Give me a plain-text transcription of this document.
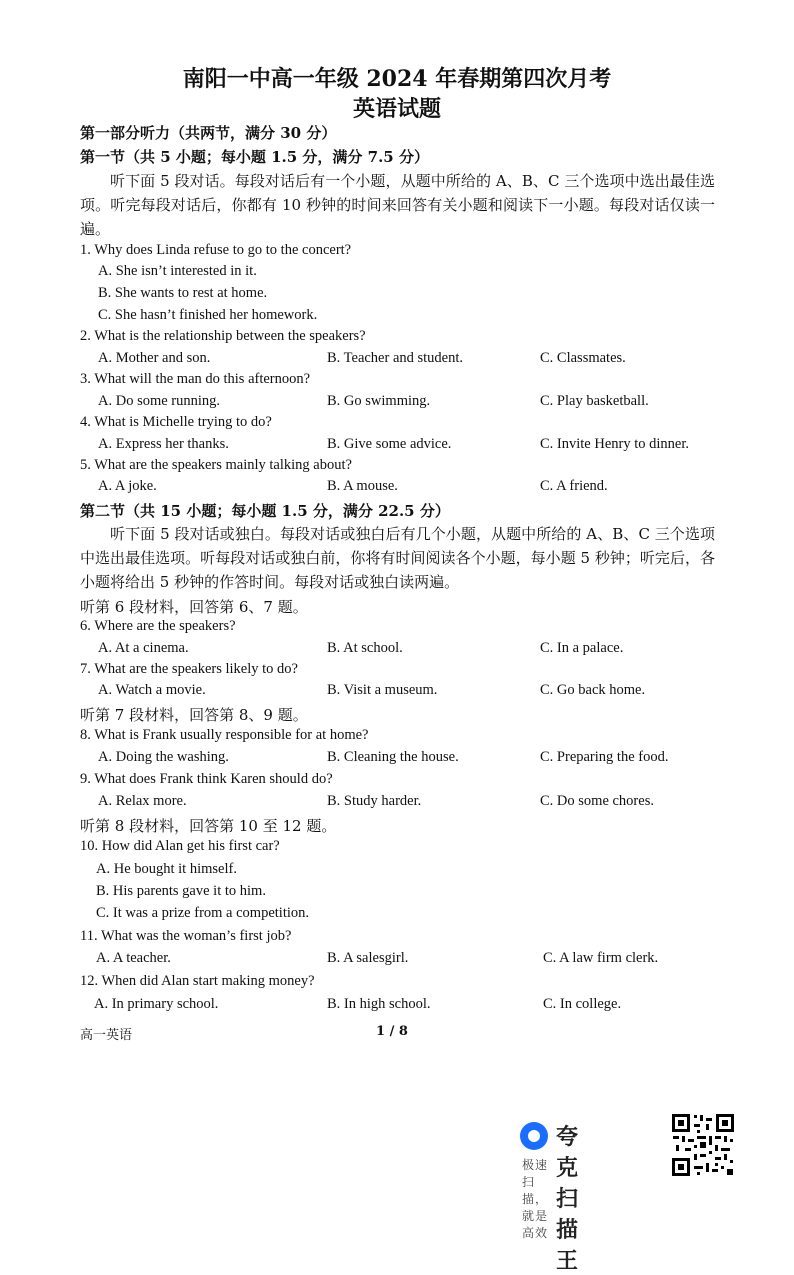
南阳一中高一年级 2024 年春期第四次月考
英语试题
第一部分听力（共两节，满分 30 分）
第一节（共 5 小题；每小题 1.5 分，满分 7.5 分）
听下面 5 段对话。每段对话后有一个小题，从题中所给的 A、B、C 三个选项中选出最佳选项。听完每段对话后，你都有 10 秒钟的时间来回答有关小题和阅读下一小题。每段对话仅读一遍。
1. Why does Linda refuse to go to the concert?
A. She isn’t interested in it.
B. She wants to rest at home.
C. She hasn’t finished her homework.
2. What is the relationship between the speakers?
A. Mother and son.	B. Teacher and student.	C. Classmates.
3. What will the man do this afternoon?
A. Do some running.	B. Go swimming.	C. Play basketball.
4. What is Michelle trying to do?
A. Express her thanks.	B. Give some advice.	C. Invite Henry to dinner.
5. What are the speakers mainly talking about?
A. A joke.	B. A mouse.	C. A friend.
第二节（共 15 小题；每小题 1.5 分，满分 22.5 分）
听下面 5 段对话或独白。每段对话或独白后有几个小题，从题中所给的 A、B、C 三个选项中选出最佳选项。听每段对话或独白前，你将有时间阅读各个小题，每小题 5 秒钟；听完后，各小题将给出 5 秒钟的作答时间。每段对话或独白读两遍。
听第 6 段材料，回答第 6、7 题。
6. Where are the speakers?
A. At a cinema.	B. At school.	C. In a palace.
7. What are the speakers likely to do?
A. Watch a movie.	B. Visit a museum.	C. Go back home.
听第 7 段材料，回答第 8、9 题。
8. What is Frank usually responsible for at home?
A. Doing the washing.	B. Cleaning the house.	C. Preparing the food.
9. What does Frank think Karen should do?
A. Relax more.	B. Study harder.	C. Do some chores.
听第 8 段材料，回答第 10 至 12 题。
10. How did Alan get his first car?
A. He bought it himself.
B. His parents gave it to him.
C. It was a prize from a competition.
11. What was the woman’s first job?
A. A teacher.	B. A salesgirl.	C. A law firm clerk.
12. When did Alan start making money?
A. In primary school.	B. In high school.	C. In college.
高一英语	1 / 8
夸克扫描王
极速扫描，就是高效
